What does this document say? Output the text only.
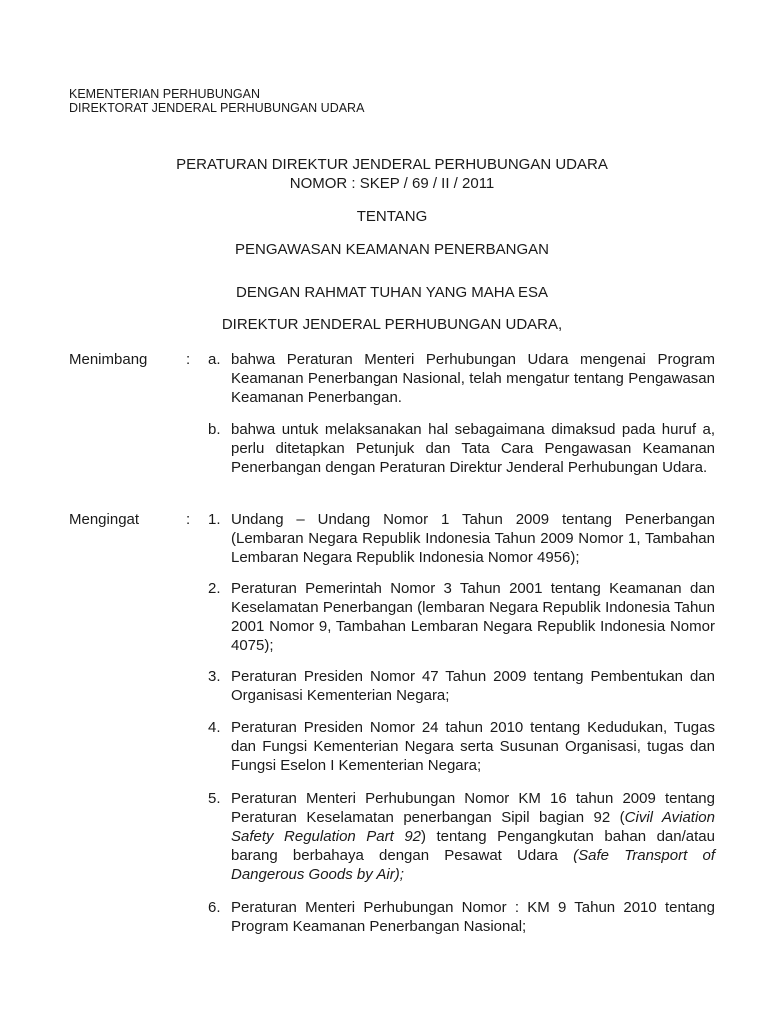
KEMENTERIAN PERHUBUNGAN
DIREKTORAT JENDERAL PERHUBUNGAN UDARA
PERATURAN DIREKTUR JENDERAL PERHUBUNGAN UDARA
NOMOR : SKEP / 69 / II / 2011
TENTANG
PENGAWASAN KEAMANAN PENERBANGAN
DENGAN RAHMAT TUHAN YANG MAHA ESA
DIREKTUR JENDERAL PERHUBUNGAN UDARA,
Menimbang	: a. bahwa Peraturan Menteri Perhubungan Udara mengenai Program Keamanan Penerbangan Nasional, telah mengatur tentang Pengawasan Keamanan Penerbangan.
b. bahwa untuk melaksanakan hal sebagaimana dimaksud pada huruf a, perlu ditetapkan Petunjuk dan Tata Cara Pengawasan Keamanan Penerbangan dengan Peraturan Direktur Jenderal Perhubungan Udara.
Mengingat	: 1. Undang – Undang Nomor 1 Tahun 2009 tentang Penerbangan (Lembaran Negara Republik Indonesia Tahun 2009 Nomor 1, Tambahan Lembaran Negara Republik Indonesia Nomor 4956);
2. Peraturan Pemerintah Nomor 3 Tahun 2001 tentang Keamanan dan Keselamatan Penerbangan (lembaran Negara Republik Indonesia Tahun 2001 Nomor 9, Tambahan Lembaran Negara Republik Indonesia Nomor 4075);
3. Peraturan Presiden Nomor 47 Tahun 2009 tentang Pembentukan dan Organisasi Kementerian Negara;
4. Peraturan Presiden Nomor 24 tahun 2010 tentang Kedudukan, Tugas dan Fungsi Kementerian Negara serta Susunan Organisasi, tugas dan Fungsi Eselon I Kementerian Negara;
5. Peraturan Menteri Perhubungan Nomor KM 16 tahun 2009 tentang Peraturan Keselamatan penerbangan Sipil bagian 92 (Civil Aviation Safety Regulation Part 92) tentang Pengangkutan bahan dan/atau barang berbahaya dengan Pesawat Udara (Safe Transport of Dangerous Goods by Air);
6. Peraturan Menteri Perhubungan Nomor : KM 9 Tahun 2010 tentang Program Keamanan Penerbangan Nasional;
